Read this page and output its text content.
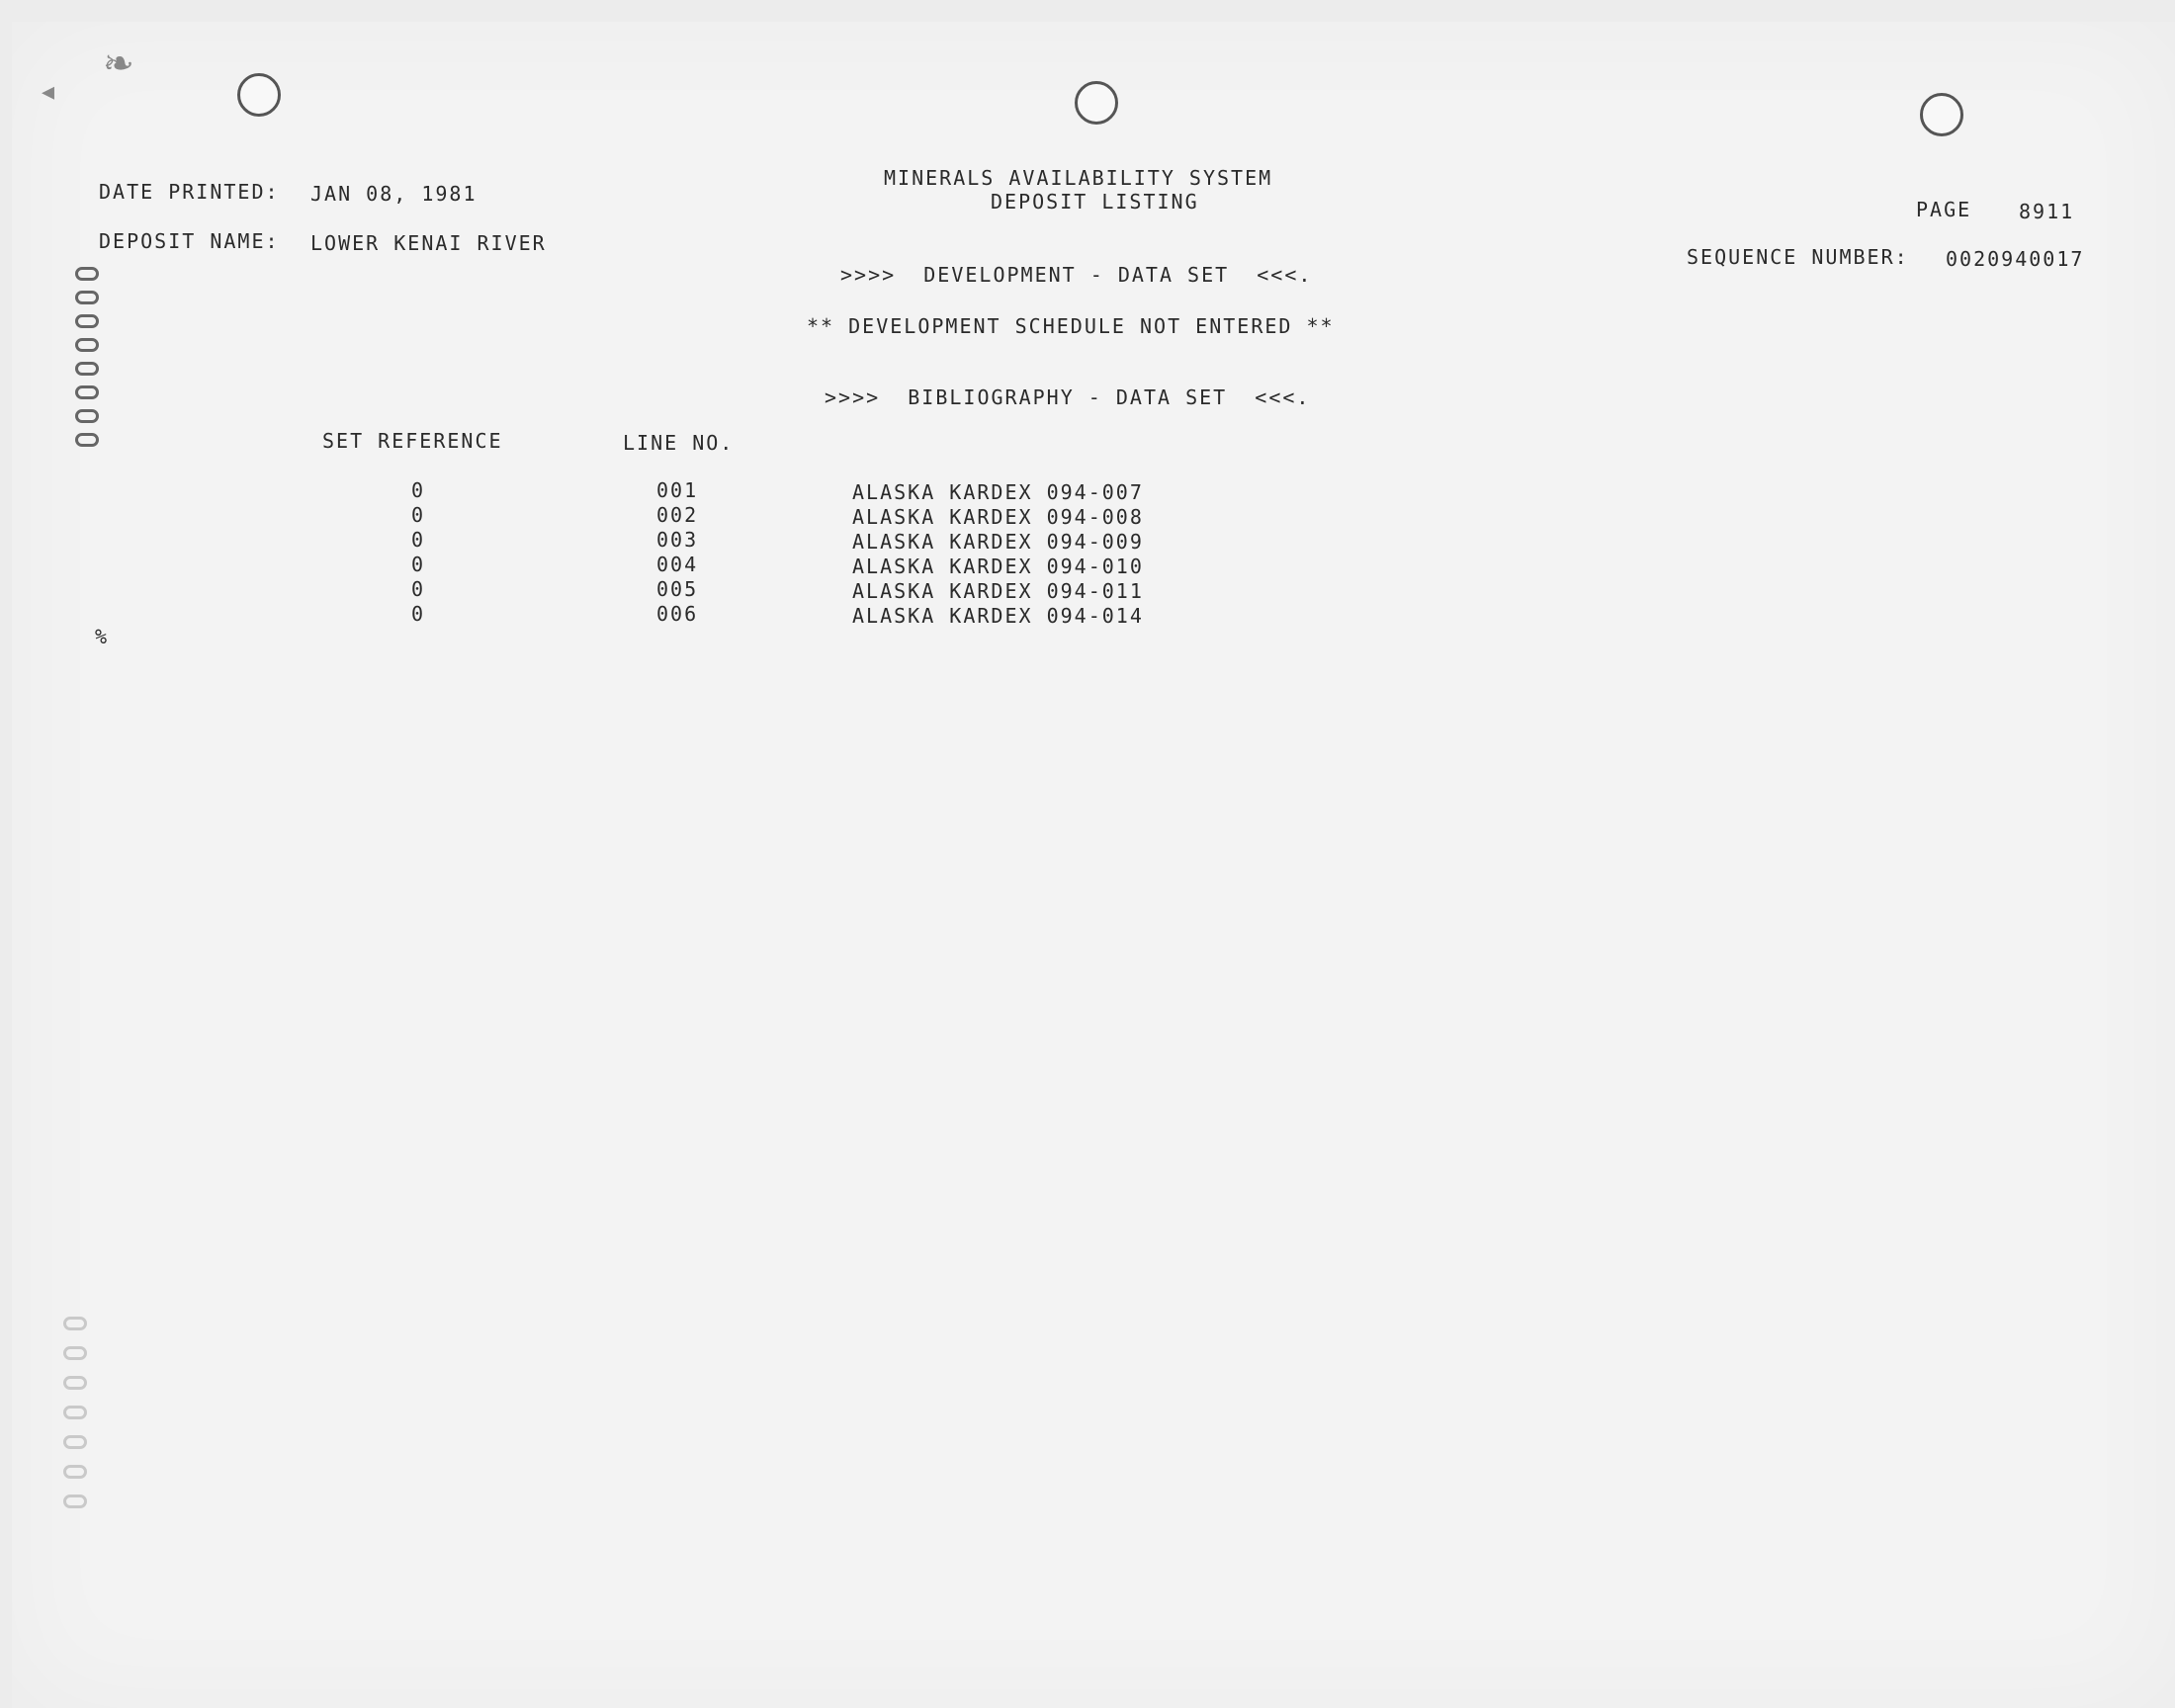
◂
❧
DATE PRINTED: JAN 08, 1981
MINERALS AVAILABILITY SYSTEM
DEPOSIT LISTING	PAGE 8911
DEPOSIT NAME: LOWER KENAI RIVER
SEQUENCE NUMBER: 0020940017
>>>>  DEVELOPMENT - DATA SET  <<<.
** DEVELOPMENT SCHEDULE NOT ENTERED **
>>>>  BIBLIOGRAPHY - DATA SET  <<<.
SET REFERENCE	LINE NO.
0	001	ALASKA KARDEX 094-007
0	002	ALASKA KARDEX 094-008
0	003	ALASKA KARDEX 094-009
0	004	ALASKA KARDEX 094-010
0	005	ALASKA KARDEX 094-011
0	006	ALASKA KARDEX 094-014
%
